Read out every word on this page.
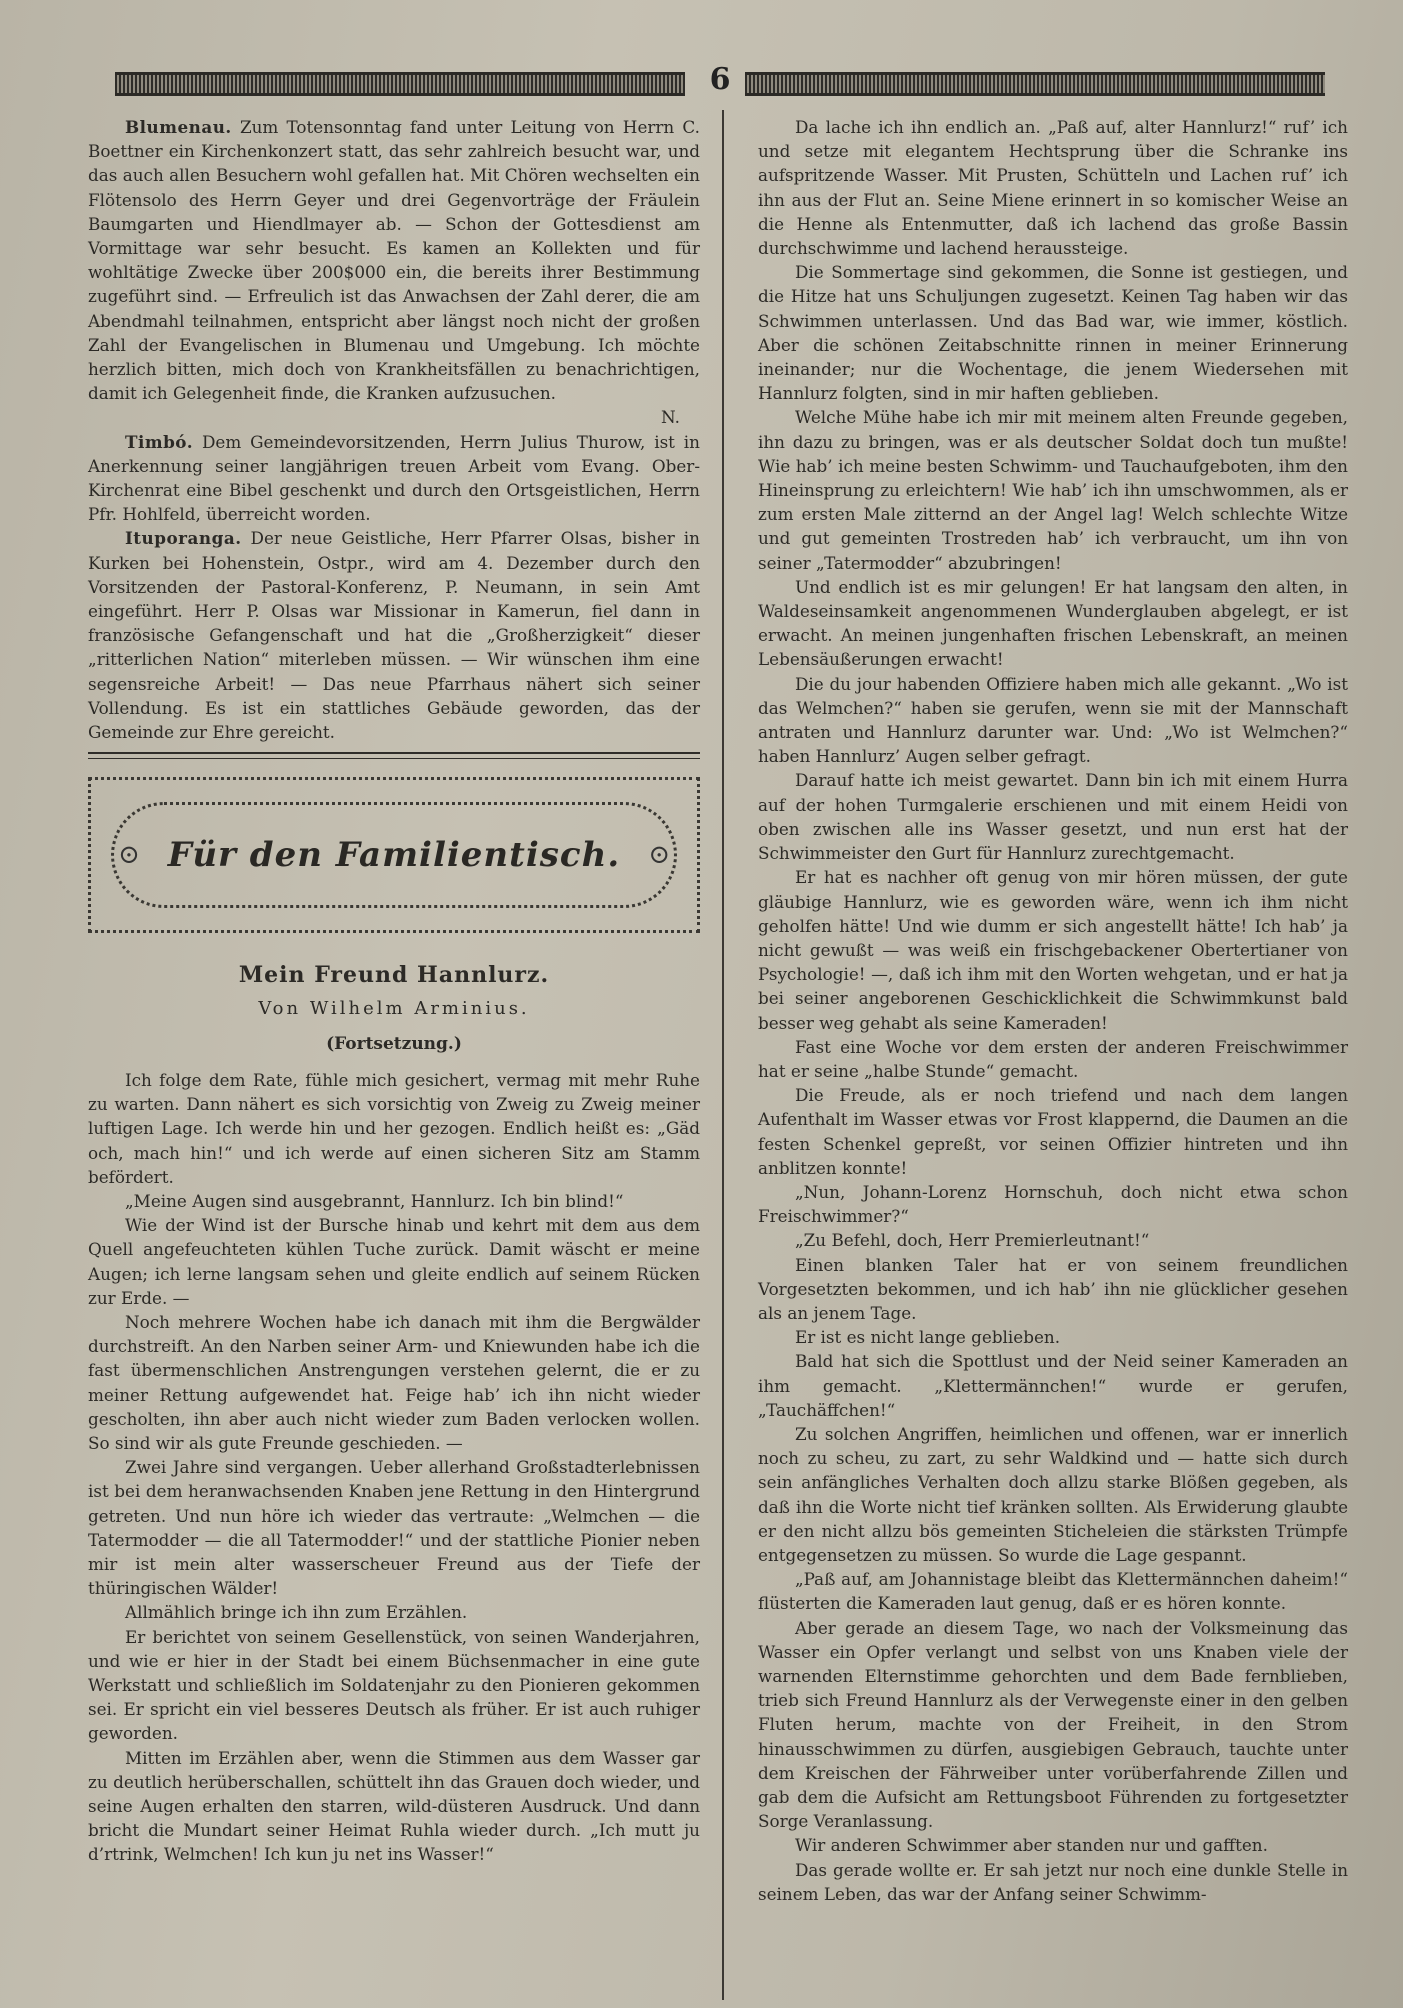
6

Blumenau. Zum Totensonntag fand unter Leitung von Herrn C. Boettner ein Kirchenkonzert statt, das sehr zahlreich besucht war, und das auch allen Besuchern wohl gefallen hat. Mit Chören wechselten ein Flötensolo des Herrn Geyer und drei Gegenvorträge der Fräulein Baumgarten und Hiendlmayer ab. — Schon der Gottesdienst am Vormittage war sehr besucht. Es kamen an Kollekten und für wohltätige Zwecke über 200$000 ein, die bereits ihrer Bestimmung zugeführt sind. — Erfreulich ist das Anwachsen der Zahl derer, die am Abendmahl teilnahmen, entspricht aber längst noch nicht der großen Zahl der Evangelischen in Blumenau und Umgebung. Ich möchte herzlich bitten, mich doch von Krankheitsfällen zu benachrichtigen, damit ich Gelegenheit finde, die Kranken aufzusuchen.

N.

Timbó. Dem Gemeindevorsitzenden, Herrn Julius Thurow, ist in Anerkennung seiner langjährigen treuen Arbeit vom Evang. Ober-Kirchenrat eine Bibel geschenkt und durch den Ortsgeistlichen, Herrn Pfr. Hohlfeld, überreicht worden.

Ituporanga. Der neue Geistliche, Herr Pfarrer Olsas, bisher in Kurken bei Hohenstein, Ostpr., wird am 4. Dezember durch den Vorsitzenden der Pastoral-Konferenz, P. Neumann, in sein Amt eingeführt. Herr P. Olsas war Missionar in Kamerun, fiel dann in französische Gefangenschaft und hat die „Großherzigkeit“ dieser „ritterlichen Nation“ miterleben müssen. — Wir wünschen ihm eine segensreiche Arbeit! — Das neue Pfarrhaus nähert sich seiner Vollendung. Es ist ein stattliches Gebäude geworden, das der Gemeinde zur Ehre gereicht.

⊙ Für den Familientisch. ⊙
Mein Freund Hannlurz.
Von Wilhelm Arminius.
(Fortsetzung.)

Ich folge dem Rate, fühle mich gesichert, vermag mit mehr Ruhe zu warten. Dann nähert es sich vorsichtig von Zweig zu Zweig meiner luftigen Lage. Ich werde hin und her gezogen. Endlich heißt es: „Gäd och, mach hin!“ und ich werde auf einen sicheren Sitz am Stamm befördert.

„Meine Augen sind ausgebrannt, Hannlurz. Ich bin blind!“

Wie der Wind ist der Bursche hinab und kehrt mit dem aus dem Quell angefeuchteten kühlen Tuche zurück. Damit wäscht er meine Augen; ich lerne langsam sehen und gleite endlich auf seinem Rücken zur Erde. —

Noch mehrere Wochen habe ich danach mit ihm die Bergwälder durchstreift. An den Narben seiner Arm- und Kniewunden habe ich die fast übermenschlichen Anstrengungen verstehen gelernt, die er zu meiner Rettung aufgewendet hat. Feige hab’ ich ihn nicht wieder gescholten, ihn aber auch nicht wieder zum Baden verlocken wollen. So sind wir als gute Freunde geschieden. —

Zwei Jahre sind vergangen. Ueber allerhand Großstadterlebnissen ist bei dem heranwachsenden Knaben jene Rettung in den Hintergrund getreten. Und nun höre ich wieder das vertraute: „Welmchen — die Tatermodder — die all Tatermodder!“ und der stattliche Pionier neben mir ist mein alter wasserscheuer Freund aus der Tiefe der thüringischen Wälder!

Allmählich bringe ich ihn zum Erzählen.

Er berichtet von seinem Gesellenstück, von seinen Wanderjahren, und wie er hier in der Stadt bei einem Büchsenmacher in eine gute Werkstatt und schließlich im Soldatenjahr zu den Pionieren gekommen sei. Er spricht ein viel besseres Deutsch als früher. Er ist auch ruhiger geworden.

Mitten im Erzählen aber, wenn die Stimmen aus dem Wasser gar zu deutlich herüberschallen, schüttelt ihn das Grauen doch wieder, und seine Augen erhalten den starren, wild-düsteren Ausdruck. Und dann bricht die Mundart seiner Heimat Ruhla wieder durch. „Ich mutt ju d’rtrink, Welmchen! Ich kun ju net ins Wasser!“

Da lache ich ihn endlich an. „Paß auf, alter Hannlurz!“ ruf’ ich und setze mit elegantem Hechtsprung über die Schranke ins aufspritzende Wasser. Mit Prusten, Schütteln und Lachen ruf’ ich ihn aus der Flut an. Seine Miene erinnert in so komischer Weise an die Henne als Entenmutter, daß ich lachend das große Bassin durchschwimme und lachend heraussteige.

Die Sommertage sind gekommen, die Sonne ist gestiegen, und die Hitze hat uns Schuljungen zugesetzt. Keinen Tag haben wir das Schwimmen unterlassen. Und das Bad war, wie immer, köstlich. Aber die schönen Zeitabschnitte rinnen in meiner Erinnerung ineinander; nur die Wochentage, die jenem Wiedersehen mit Hannlurz folgten, sind in mir haften geblieben.

Welche Mühe habe ich mir mit meinem alten Freunde gegeben, ihn dazu zu bringen, was er als deutscher Soldat doch tun mußte! Wie hab’ ich meine besten Schwimm- und Tauchaufgeboten, ihm den Hineinsprung zu erleichtern! Wie hab’ ich ihn umschwommen, als er zum ersten Male zitternd an der Angel lag! Welch schlechte Witze und gut gemeinten Trostreden hab’ ich verbraucht, um ihn von seiner „Tatermodder“ abzubringen!

Und endlich ist es mir gelungen! Er hat langsam den alten, in Waldeseinsamkeit angenommenen Wunderglauben abgelegt, er ist erwacht. An meinen jungenhaften frischen Lebenskraft, an meinen Lebensäußerungen erwacht!

Die du jour habenden Offiziere haben mich alle gekannt. „Wo ist das Welmchen?“ haben sie gerufen, wenn sie mit der Mannschaft antraten und Hannlurz darunter war. Und: „Wo ist Welmchen?“ haben Hannlurz’ Augen selber gefragt.

Darauf hatte ich meist gewartet. Dann bin ich mit einem Hurra auf der hohen Turmgalerie erschienen und mit einem Heidi von oben zwischen alle ins Wasser gesetzt, und nun erst hat der Schwimmeister den Gurt für Hannlurz zurechtgemacht.

Er hat es nachher oft genug von mir hören müssen, der gute gläubige Hannlurz, wie es geworden wäre, wenn ich ihm nicht geholfen hätte! Und wie dumm er sich angestellt hätte! Ich hab’ ja nicht gewußt — was weiß ein frischgebackener Obertertianer von Psychologie! —, daß ich ihm mit den Worten wehgetan, und er hat ja bei seiner angeborenen Geschicklichkeit die Schwimmkunst bald besser weg gehabt als seine Kameraden!

Fast eine Woche vor dem ersten der anderen Freischwimmer hat er seine „halbe Stunde“ gemacht.

Die Freude, als er noch triefend und nach dem langen Aufenthalt im Wasser etwas vor Frost klappernd, die Daumen an die festen Schenkel gepreßt, vor seinen Offizier hintreten und ihn anblitzen konnte!

„Nun, Johann-Lorenz Hornschuh, doch nicht etwa schon Freischwimmer?“

„Zu Befehl, doch, Herr Premierleutnant!“

Einen blanken Taler hat er von seinem freundlichen Vorgesetzten bekommen, und ich hab’ ihn nie glücklicher gesehen als an jenem Tage.

Er ist es nicht lange geblieben.

Bald hat sich die Spottlust und der Neid seiner Kameraden an ihm gemacht. „Klettermännchen!“ wurde er gerufen, „Tauchäffchen!“

Zu solchen Angriffen, heimlichen und offenen, war er innerlich noch zu scheu, zu zart, zu sehr Waldkind und — hatte sich durch sein anfängliches Verhalten doch allzu starke Blößen gegeben, als daß ihn die Worte nicht tief kränken sollten. Als Erwiderung glaubte er den nicht allzu bös gemeinten Sticheleien die stärksten Trümpfe entgegensetzen zu müssen. So wurde die Lage gespannt.

„Paß auf, am Johannistage bleibt das Klettermännchen daheim!“ flüsterten die Kameraden laut genug, daß er es hören konnte.

Aber gerade an diesem Tage, wo nach der Volksmeinung das Wasser ein Opfer verlangt und selbst von uns Knaben viele der warnenden Elternstimme gehorchten und dem Bade fernblieben, trieb sich Freund Hannlurz als der Verwegenste einer in den gelben Fluten herum, machte von der Freiheit, in den Strom hinausschwimmen zu dürfen, ausgiebigen Gebrauch, tauchte unter dem Kreischen der Fährweiber unter vorüberfahrende Zillen und gab dem die Aufsicht am Rettungsboot Führenden zu fortgesetzter Sorge Veranlassung.

Wir anderen Schwimmer aber standen nur und gafften.

Das gerade wollte er. Er sah jetzt nur noch eine dunkle Stelle in seinem Leben, das war der Anfang seiner Schwimm-
